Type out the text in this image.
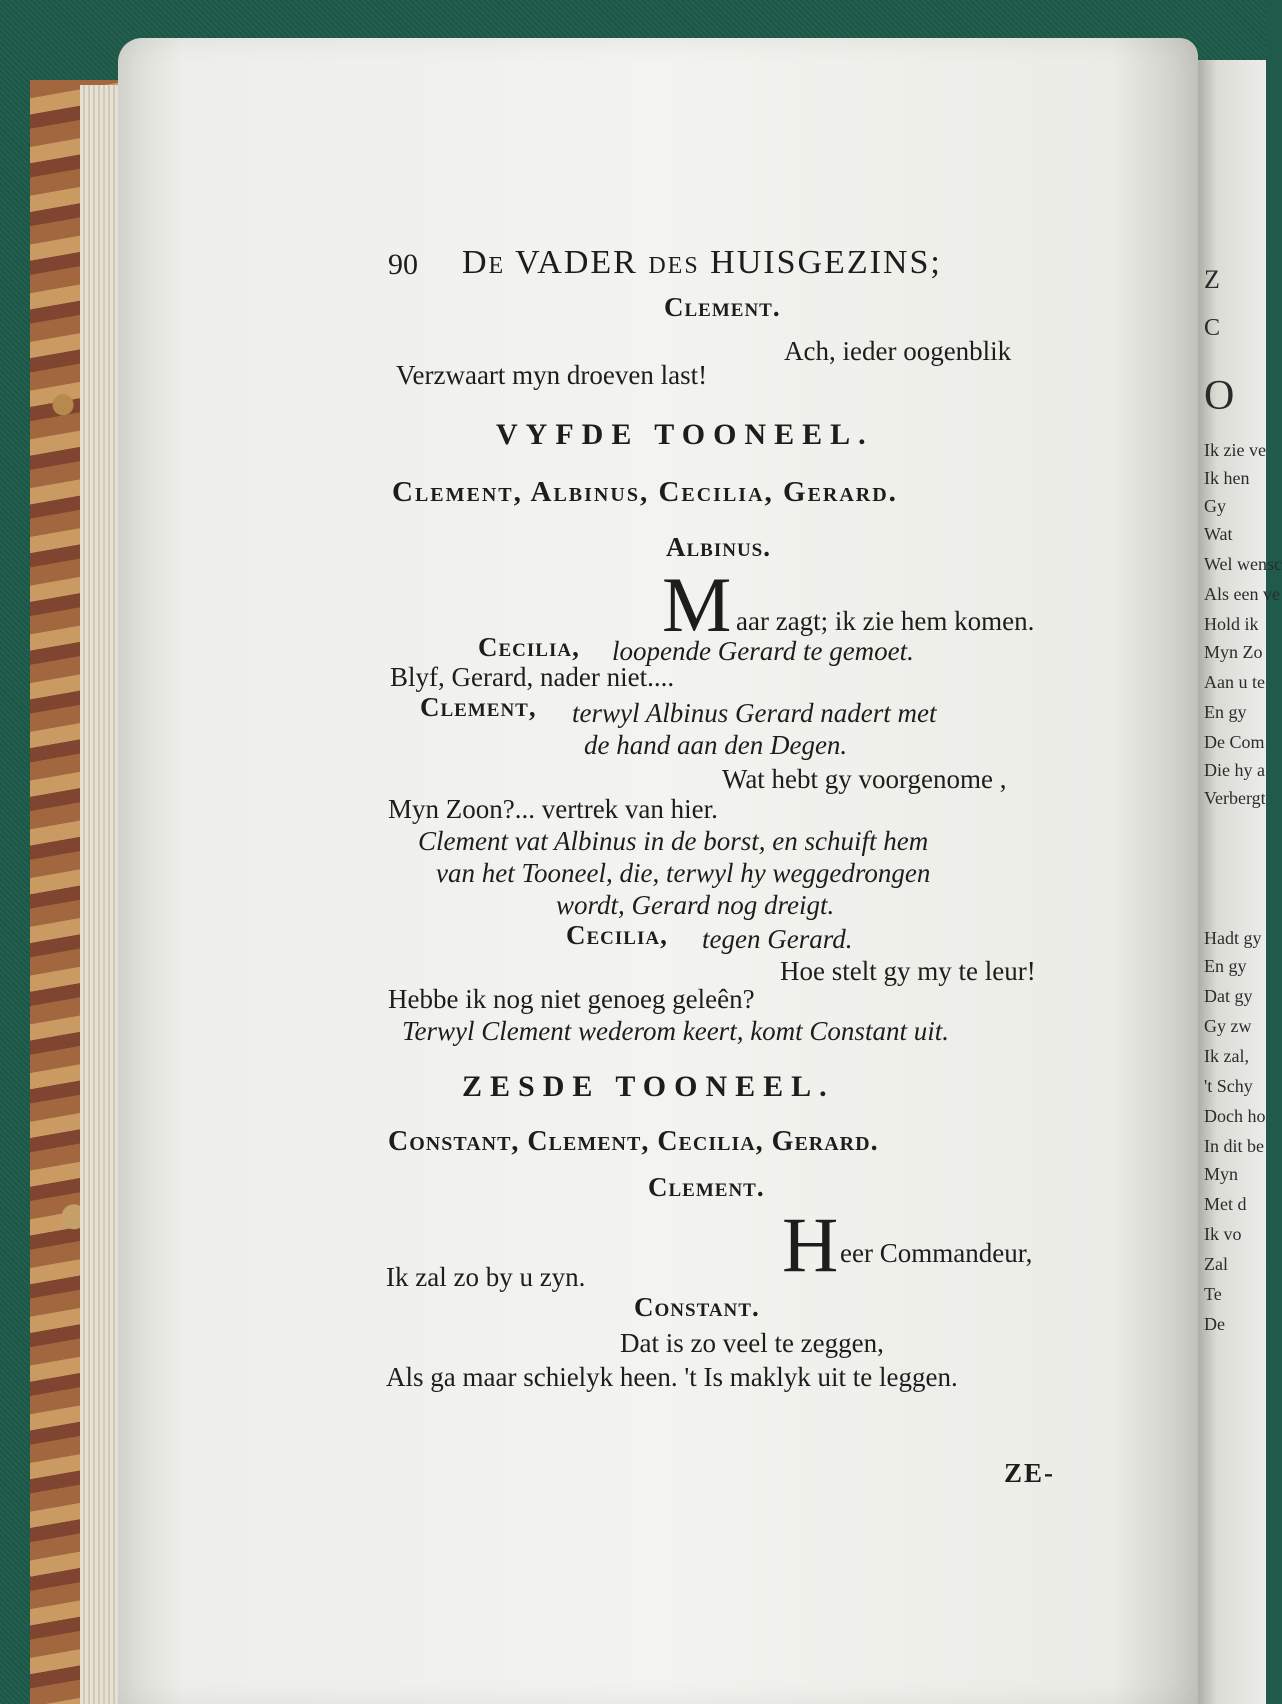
Z
C
O
Ik zie ve
Ik hen
Gy
Wat
Wel wensc
Als een ve
Hold ik
Myn Zo
Aan u te
En gy
De Com
Die hy a
Verbergt
Hadt gy
En gy
Dat gy
Gy zw
Ik zal,
't Schy
Doch ho
In dit be
Myn
Met d
Ik vo
Zal
Te
De
90 De VADER des HUISGEZINS;
Clement.
Ach, ieder oogenblik
Verzwaart myn droeven last!
VYFDE TOONEEL.
Clement, Albinus, Cecilia, Gerard.
Albinus.
M aar zagt; ik zie hem komen.
Cecilia, loopende Gerard te gemoet.
Blyf, Gerard, nader niet....
Clement, terwyl Albinus Gerard nadert met
de hand aan den Degen.
Wat hebt gy voorgenome ,
Myn Zoon?... vertrek van hier.
Clement vat Albinus in de borst, en schuift hem
van het Tooneel, die, terwyl hy weggedrongen
wordt, Gerard nog dreigt.
Cecilia, tegen Gerard.
Hoe stelt gy my te leur!
Hebbe ik nog niet genoeg geleên?
Terwyl Clement wederom keert, komt Constant uit.
ZESDE TOONEEL.
Constant, Clement, Cecilia, Gerard.
Clement.
H eer Commandeur,
Ik zal zo by u zyn.
Constant.
Dat is zo veel te zeggen,
Als ga maar schielyk heen. 't Is maklyk uit te leggen.
ZE-
